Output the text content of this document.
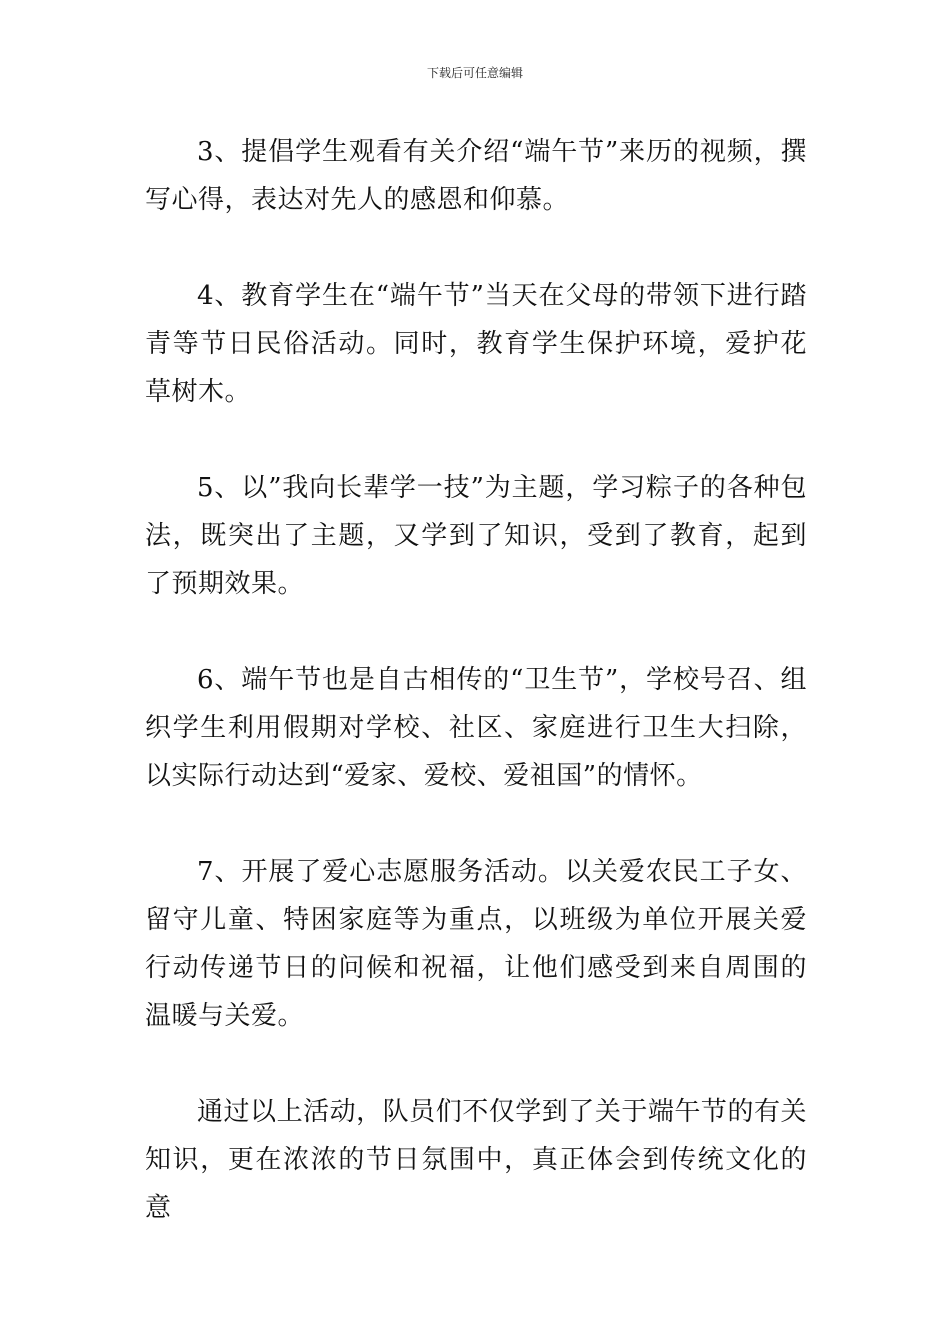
下载后可任意编辑

3、提倡学生观看有关介绍“端午节”来历的视频，撰写心得，表达对先人的感恩和仰慕。

4、教育学生在“端午节”当天在父母的带领下进行踏青等节日民俗活动。同时，教育学生保护环境，爱护花草树木。

5、以”我向长辈学一技”为主题，学习粽子的各种包法，既突出了主题，又学到了知识，受到了教育，起到了预期效果。

6、端午节也是自古相传的“卫生节”，学校号召、组织学生利用假期对学校、社区、家庭进行卫生大扫除，以实际行动达到“爱家、爱校、爱祖国”的情怀。

7、开展了爱心志愿服务活动。以关爱农民工子女、留守儿童、特困家庭等为重点，以班级为单位开展关爱行动传递节日的问候和祝福，让他们感受到来自周围的温暖与关爱。

通过以上活动，队员们不仅学到了关于端午节的有关知识，更在浓浓的节日氛围中，真正体会到传统文化的意
